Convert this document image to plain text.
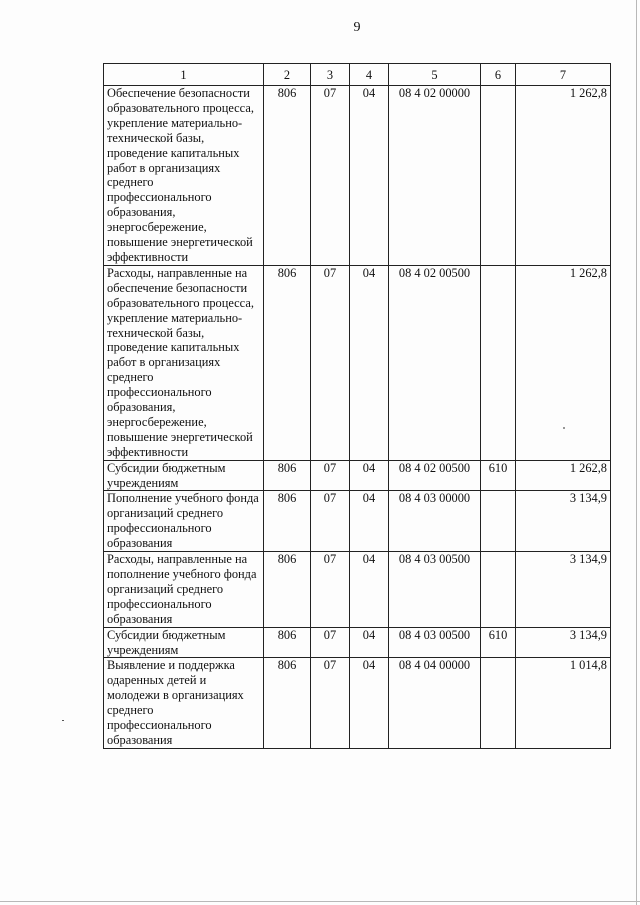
9
1	2	3	4	5	6	7
Обеспечение безопасности образовательного процесса, укрепление материально-технической базы, проведение капитальных работ в организациях среднего профессионального образования, энергосбережение, повышение энергетической эффективности	806	07	04	08 4 02 00000		1 262,8
Расходы, направленные на обеспечение безопасности образовательного процесса, укрепление материально-технической базы, проведение капитальных работ в организациях среднего профессионального образования, энергосбережение, повышение энергетической эффективности	806	07	04	08 4 02 00500		1 262,8
Субсидии бюджетным учреждениям	806	07	04	08 4 02 00500	610	1 262,8
Пополнение учебного фонда организаций среднего профессионального образования	806	07	04	08 4 03 00000		3 134,9
Расходы, направленные на пополнение учебного фонда организаций среднего профессионального образования	806	07	04	08 4 03 00500		3 134,9
Субсидии бюджетным учреждениям	806	07	04	08 4 03 00500	610	3 134,9
Выявление и поддержка одаренных детей и молодежи в организациях среднего профессионального образования	806	07	04	08 4 04 00000		1 014,8
